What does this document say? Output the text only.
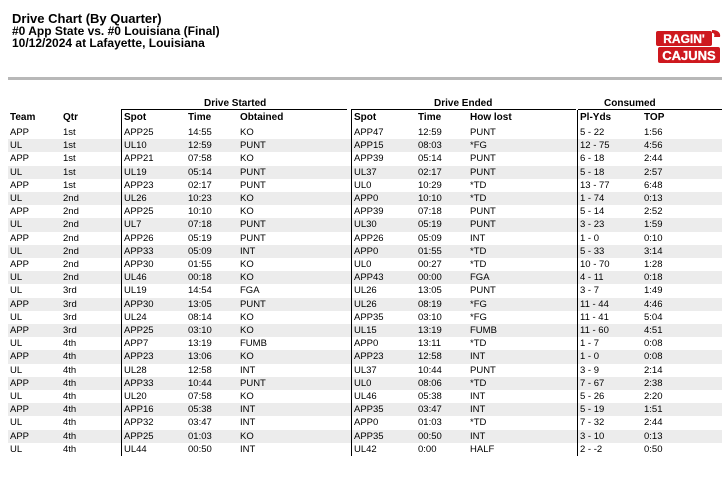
Drive Chart (By Quarter)
#0 App State vs. #0 Louisiana (Final)
10/12/2024 at Lafayette, Louisiana	RAGIN'
CAJUNS
Drive Started	Drive Ended	Consumed
Team	Qtr	Spot	Time	Obtained	Spot	Time	How lost	Pl-Yds	TOP
APP	1st	APP25	14:55	KO	APP47	12:59	PUNT	5 - 22	1:56
UL	1st	UL10	12:59	PUNT	APP15	08:03	*FG	12 - 75	4:56
APP	1st	APP21	07:58	KO	APP39	05:14	PUNT	6 - 18	2:44
UL	1st	UL19	05:14	PUNT	UL37	02:17	PUNT	5 - 18	2:57
APP	1st	APP23	02:17	PUNT	UL0	10:29	*TD	13 - 77	6:48
UL	2nd	UL26	10:23	KO	APP0	10:10	*TD	1 - 74	0:13
APP	2nd	APP25	10:10	KO	APP39	07:18	PUNT	5 - 14	2:52
UL	2nd	UL7	07:18	PUNT	UL30	05:19	PUNT	3 - 23	1:59
APP	2nd	APP26	05:19	PUNT	APP26	05:09	INT	1 - 0	0:10
UL	2nd	APP33	05:09	INT	APP0	01:55	*TD	5 - 33	3:14
APP	2nd	APP30	01:55	KO	UL0	00:27	*TD	10 - 70	1:28
UL	2nd	UL46	00:18	KO	APP43	00:00	FGA	4 - 11	0:18
UL	3rd	UL19	14:54	FGA	UL26	13:05	PUNT	3 - 7	1:49
APP	3rd	APP30	13:05	PUNT	UL26	08:19	*FG	11 - 44	4:46
UL	3rd	UL24	08:14	KO	APP35	03:10	*FG	11 - 41	5:04
APP	3rd	APP25	03:10	KO	UL15	13:19	FUMB	11 - 60	4:51
UL	4th	APP7	13:19	FUMB	APP0	13:11	*TD	1 - 7	0:08
APP	4th	APP23	13:06	KO	APP23	12:58	INT	1 - 0	0:08
UL	4th	UL28	12:58	INT	UL37	10:44	PUNT	3 - 9	2:14
APP	4th	APP33	10:44	PUNT	UL0	08:06	*TD	7 - 67	2:38
UL	4th	UL20	07:58	KO	UL46	05:38	INT	5 - 26	2:20
APP	4th	APP16	05:38	INT	APP35	03:47	INT	5 - 19	1:51
UL	4th	APP32	03:47	INT	APP0	01:03	*TD	7 - 32	2:44
APP	4th	APP25	01:03	KO	APP35	00:50	INT	3 - 10	0:13
UL	4th	UL44	00:50	INT	UL42	0:00	HALF	2 - -2	0:50
